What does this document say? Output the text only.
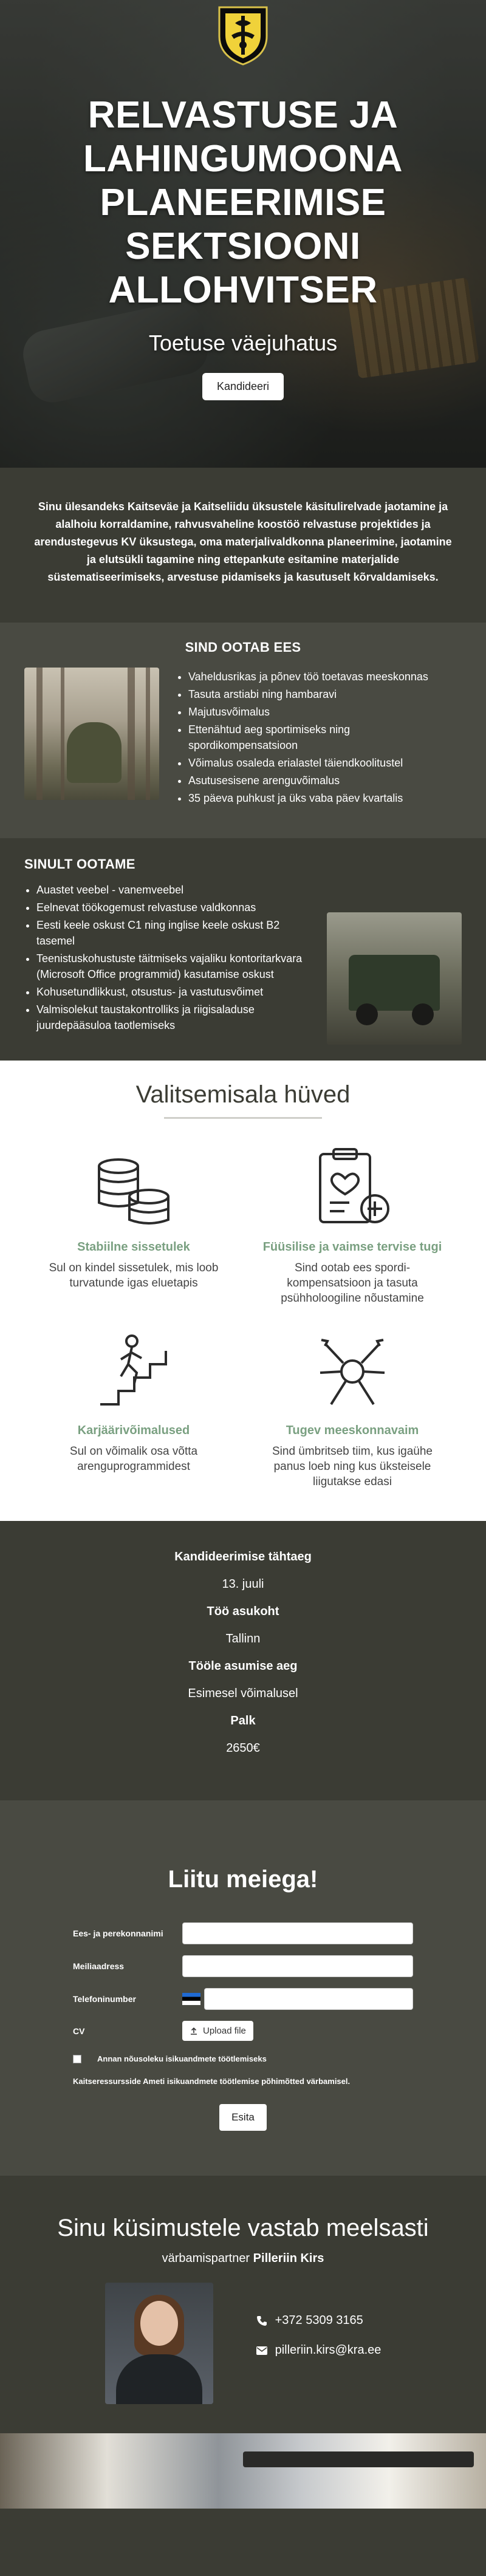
RELVASTUSE JA LAHINGUMOONA PLANEERIMISE SEKTSIOONI ALLOHVITSER
Toetuse väejuhatus
Kandideeri

Sinu ülesandeks Kaitseväe ja Kaitseliidu üksustele käsitulirelvade jaotamine ja alalhoiu korraldamine, rahvusvaheline koostöö relvastuse projektides ja arendustegevus KV üksustega, oma materjalivaldkonna planeerimine, jaotamine ja elutsükli tagamine ning ettepankute esitamine materjalide süstematiseerimiseks, arvestuse pidamiseks ja kasutuselt kõrvaldamiseks.

SIND OOTAB EES
• Vaheldusrikas ja põnev töö toetavas meeskonnas
• Tasuta arstiabi ning hambaravi
• Majutusvõimalus
• Ettenähtud aeg sportimiseks ning spordikompensatsioon
• Võimalus osaleda erialastel täiendkoolitustel
• Asutusesisene arenguvõimalus
• 35 päeva puhkust ja üks vaba päev kvartalis
SINULT OOTAME
• Auastet veebel - vanemveebel
• Eelnevat töökogemust relvastuse valdkonnas
• Eesti keele oskust C1 ning inglise keele oskust B2 tasemel
• Teenistuskohustuste täitmiseks vajaliku kontoritarkvara (Microsoft Office programmid) kasutamise oskust
• Kohusetundlikkust, otsustus- ja vastutusvõimet
• Valmisolekut taustakontrolliks ja riigisaladuse juurdepääsuloa taotlemiseks
Valitsemisala hüved
Stabiilne sissetulek
Sul on kindel sissetulek, mis loob turvatunde igas eluetapis
Füüsilise ja vaimse tervise tugi
Sind ootab ees spordi-kompensatsioon ja tasuta psühholoogiline nõustamine
Karjäärivõimalused
Sul on võimalik osa võtta arenguprogrammidest
Tugev meeskonnavaim
Sind ümbritseb tiim, kus igaühe panus loeb ning kus üksteisele liigutakse edasi
Kandideerimise tähtaeg
13. juuli
Töö asukoht
Tallinn
Tööle asumise aeg
Esimesel võimalusel
Palk
2650€
Liitu meiega!
Ees- ja perekonnanimi
Meiliaadress
Telefoninumber
CV	Upload file
Annan nõusoleku isikuandmete töötlemiseks
Kaitseressursside Ameti isikuandmete töötlemise põhimõtted värbamisel.
Esita
Sinu küsimustele vastab meelsasti
värbamispartner Pilleriin Kirs
+372 5309 3165
pilleriin.kirs@kra.ee
